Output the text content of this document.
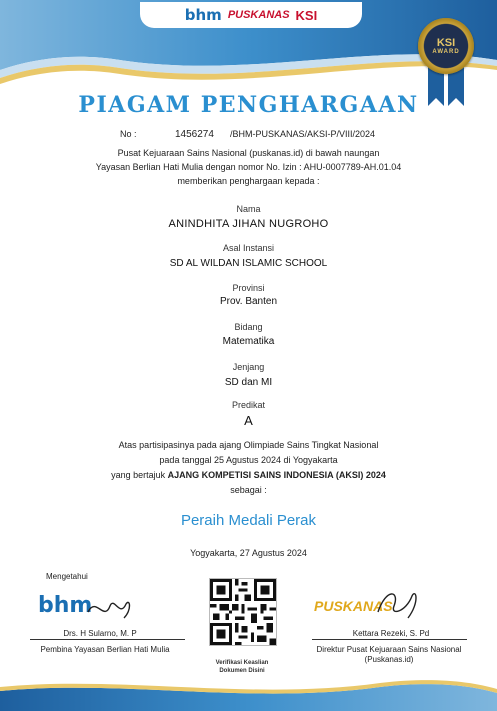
bhm PUSKANAS KSI
KSI
AWARD
PIAGAM PENGHARGAAN
No :	1456274 /BHM-PUSKANAS/AKSI-P/VIII/2024
Pusat Kejuaraan Sains Nasional (puskanas.id) di bawah naungan
Yayasan Berlian Hati Mulia dengan nomor No. Izin : AHU-0007789-AH.01.04
memberikan penghargaan kepada :
Nama
ANINDHITA JIHAN NUGROHO
Asal Instansi
SD AL WILDAN ISLAMIC SCHOOL
Provinsi
Prov. Banten
Bidang
Matematika
Jenjang
SD dan MI
Predikat
A
Atas partisipasinya pada ajang Olimpiade Sains Tingkat Nasional
pada tanggal 25 Agustus 2024 di Yogyakarta
yang bertajuk AJANG KOMPETISI SAINS INDONESIA (AKSI) 2024
sebagai :
Peraih Medali Perak
Yogyakarta, 27 Agustus 2024
Mengetahui
bhm
Drs. H Sularno, M. P
Pembina Yayasan Berlian Hati Mulia
Verifikasi Keaslian
Dokumen Disini
PUSKANAS
Kettara Rezeki, S. Pd
Direktur Pusat Kejuaraan Sains Nasional
(Puskanas.id)
